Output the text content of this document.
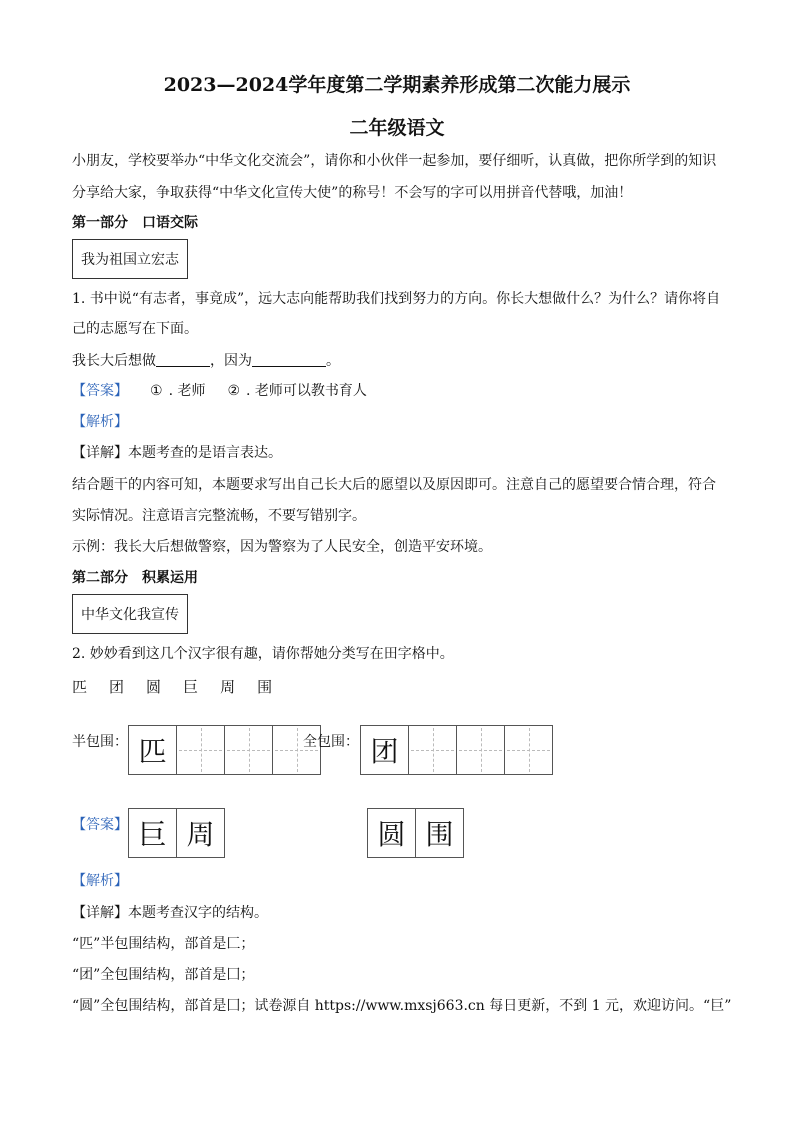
2023—2024学年度第二学期素养形成第二次能力展示
二年级语文
小朋友，学校要举办“中华文化交流会”，请你和小伙伴一起参加，要仔细听，认真做，把你所学到的知识
分享给大家，争取获得“中华文化宣传大使”的称号！不会写的字可以用拼音代替哦，加油！
第一部分　口语交际
我为祖国立宏志
1. 书中说“有志者，事竟成”，远大志向能帮助我们找到努力的方向。你长大想做什么？为什么？请你将自
己的志愿写在下面。
我长大后想做	，因为	。
【答案】 ① . 老师 ② . 老师可以教书育人
【解析】
【详解】本题考查的是语言表达。
结合题干的内容可知，本题要求写出自己长大后的愿望以及原因即可。注意自己的愿望要合情合理，符合
实际情况。注意语言完整流畅，不要写错别字。
示例：我长大后想做警察，因为警察为了人民安全，创造平安环境。
第二部分　积累运用
中华文化我宣传
2. 妙妙看到这几个汉字很有趣，请你帮她分类写在田字格中。
匹 团 圆 巨 周 围
半包围： 匹	全包围： 团
【答案】 巨 周	圆 围
【解析】
【详解】本题考查汉字的结构。
“匹”半包围结构，部首是匚；
“团”全包围结构，部首是囗；
“圆”全包围结构，部首是囗；试卷源自 https://www.mxsj663.cn 每日更新，不到 1 元，欢迎访问。“巨”
